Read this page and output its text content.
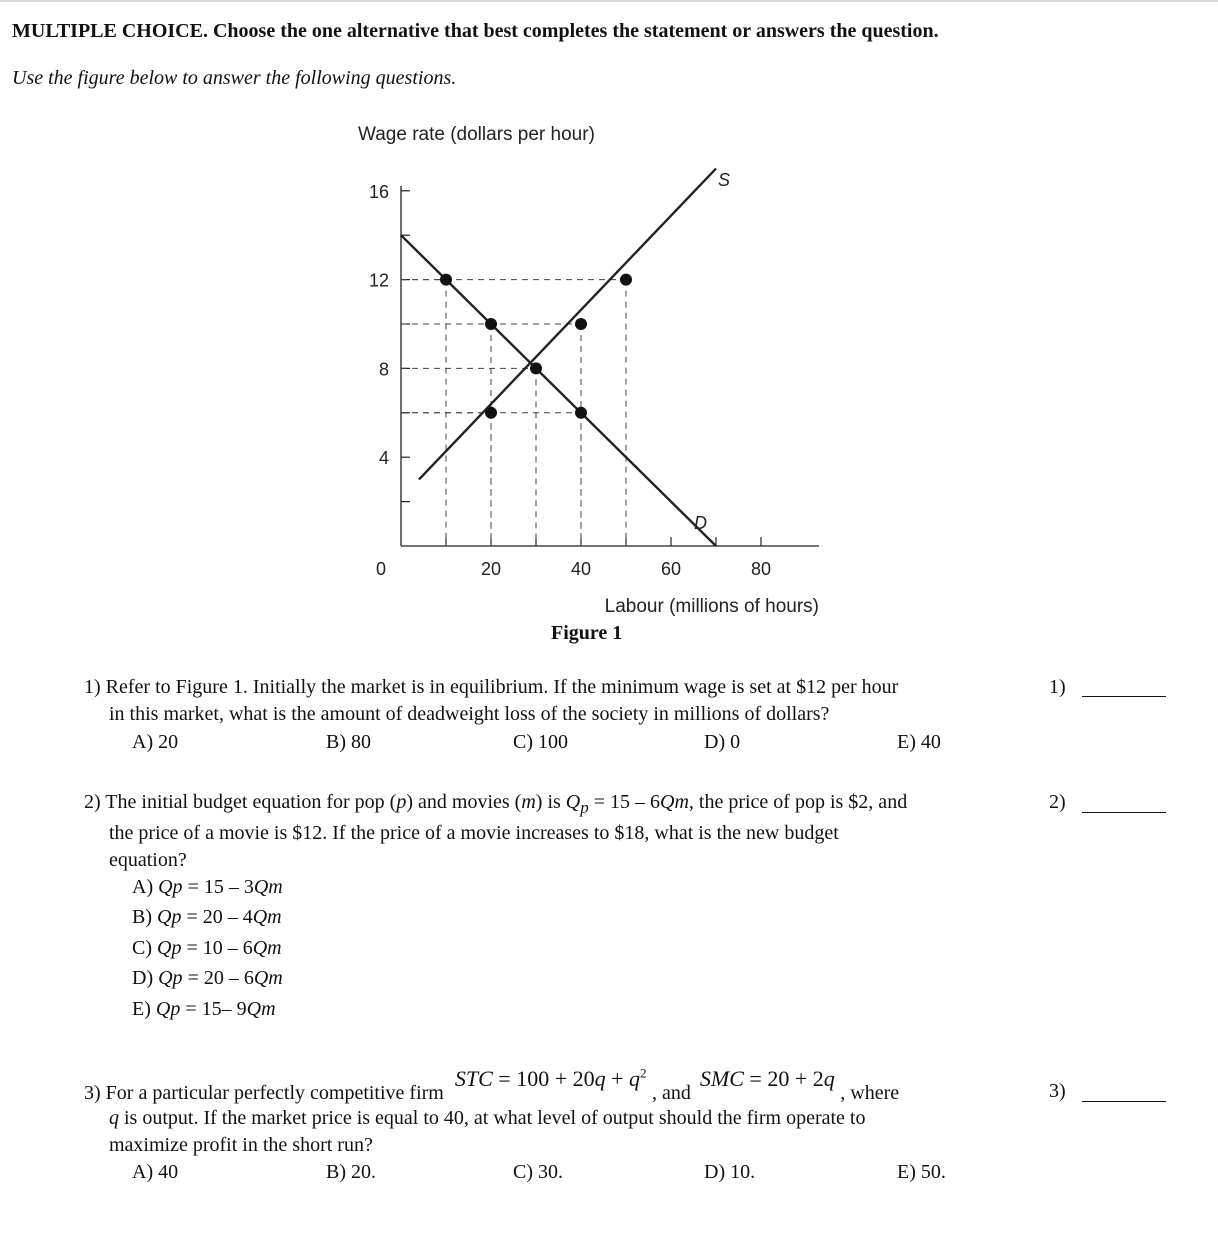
MULTIPLE CHOICE. Choose the one alternative that best completes the statement or answers the question.
Use the figure below to answer the following questions.
Wage rate (dollars per hour)
Labour (millions of hours)
4
8
12
16
0	20	40	60	80
S
D
Figure 1
1) Refer to Figure 1. Initially the market is in equilibrium. If the minimum wage is set at $12 per hour
in this market, what is the amount of deadweight loss of the society in millions of dollars?
A) 20	B) 80	C) 100	D) 0	E) 40
1)
2) The initial budget equation for pop (p) and movies (m) is $Q_p = 15 - 6Qm$, the price of pop is $2, and
the price of a movie is $12. If the price of a movie increases to $18, what is the new budget
equation?
2)
A) Qp = 15 – 3Qm
B) Qp = 20 – 4Qm
C) Qp = 10 – 6Qm
D) Qp = 20 – 6Qm
E) Qp = 15– 9Qm
3) For a particular perfectly competitive firm STC = $100 + 20q + q^2$ , and SMC = 20 + 2q , where
q is output. If the market price is equal to 40, at what level of output should the firm operate to
maximize profit in the short run?
A) 40	B) 20.	C) 30.	D) 10.	E) 50.
3)
